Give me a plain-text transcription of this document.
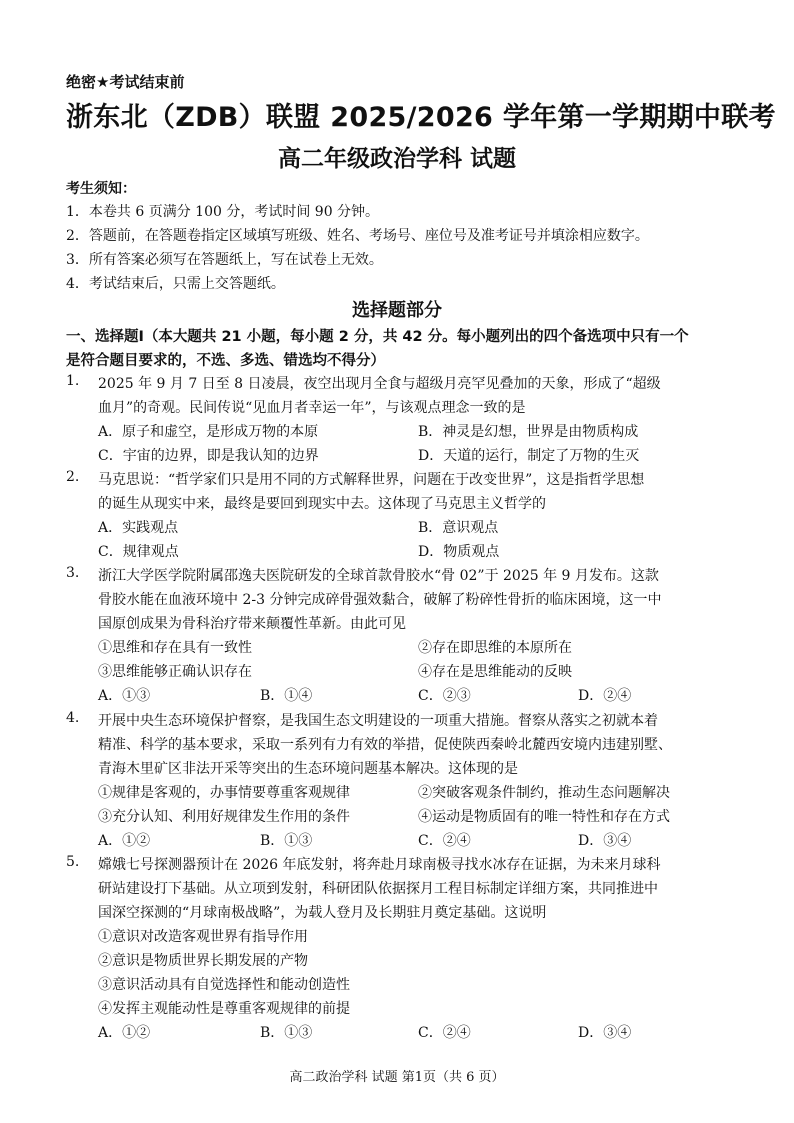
绝密★考试结束前
浙东北（ZDB）联盟 2025/2026 学年第一学期期中联考
高二年级政治学科 试题
考生须知：
1．本卷共 6 页满分 100 分，考试时间 90 分钟。
2．答题前，在答题卷指定区域填写班级、姓名、考场号、座位号及准考证号并填涂相应数字。
3．所有答案必须写在答题纸上，写在试卷上无效。
4．考试结束后，只需上交答题纸。
选择题部分
一、选择题Ⅰ（本大题共 21 小题，每小题 2 分，共 42 分。每小题列出的四个备选项中只有一个
是符合题目要求的，不选、多选、错选均不得分）
1. 2025 年 9 月 7 日至 8 日凌晨，夜空出现月全食与超级月亮罕见叠加的天象，形成了“超级
血月”的奇观。民间传说“见血月者幸运一年”，与该观点理念一致的是
A．原子和虚空，是形成万物的本原	B．神灵是幻想，世界是由物质构成
C．宇宙的边界，即是我认知的边界	D．天道的运行，制定了万物的生灭
2. 马克思说：“哲学家们只是用不同的方式解释世界，问题在于改变世界”，这是指哲学思想
的诞生从现实中来，最终是要回到现实中去。这体现了马克思主义哲学的
A．实践观点	B．意识观点
C．规律观点	D．物质观点
3. 浙江大学医学院附属邵逸夫医院研发的全球首款骨胶水“骨 02”于 2025 年 9 月发布。这款
骨胶水能在血液环境中 2-3 分钟完成碎骨强效黏合，破解了粉碎性骨折的临床困境，这一中
国原创成果为骨科治疗带来颠覆性革新。由此可见
①思维和存在具有一致性	②存在即思维的本原所在
③思维能够正确认识存在	④存在是思维能动的反映
A．①③	B．①④	C．②③	D．②④
4. 开展中央生态环境保护督察，是我国生态文明建设的一项重大措施。督察从落实之初就本着
精准、科学的基本要求，采取一系列有力有效的举措，促使陕西秦岭北麓西安境内违建别墅、
青海木里矿区非法开采等突出的生态环境问题基本解决。这体现的是
①规律是客观的，办事情要尊重客观规律	②突破客观条件制约，推动生态问题解决
③充分认知、利用好规律发生作用的条件	④运动是物质固有的唯一特性和存在方式
A．①②	B．①③	C．②④	D．③④
5. 嫦娥七号探测器预计在 2026 年底发射，将奔赴月球南极寻找水冰存在证据，为未来月球科
研站建设打下基础。从立项到发射，科研团队依据探月工程目标制定详细方案，共同推进中
国深空探测的“月球南极战略”，为载人登月及长期驻月奠定基础。这说明
①意识对改造客观世界有指导作用
②意识是物质世界长期发展的产物
③意识活动具有自觉选择性和能动创造性
④发挥主观能动性是尊重客观规律的前提
A．①②	B．①③	C．②④	D．③④
高二政治学科 试题 第1页（共 6 页）
